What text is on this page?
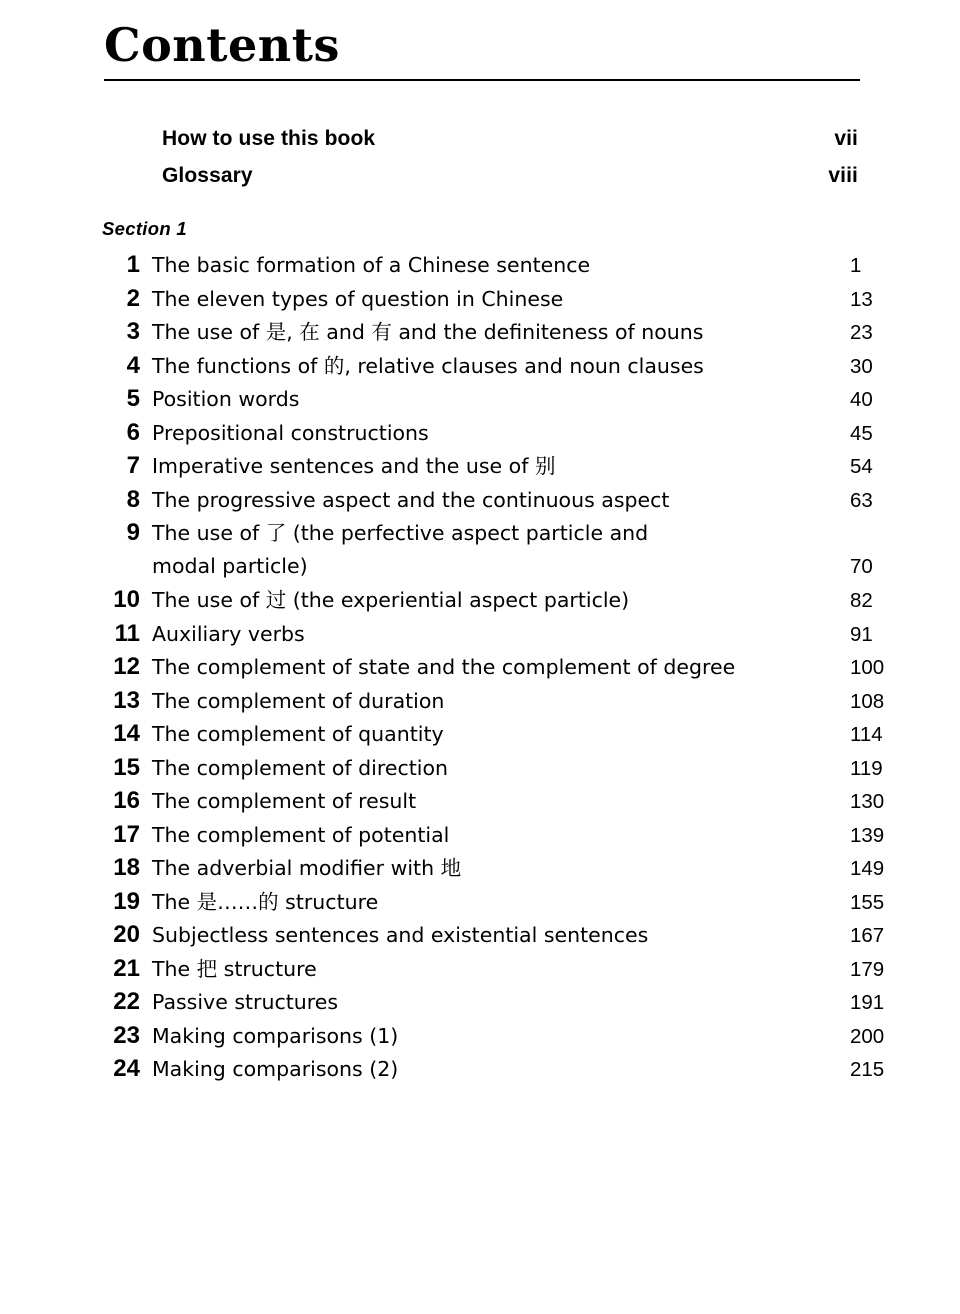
Contents
How to use this book	vii
Glossary	viii
Section 1
1 The basic formation of a Chinese sentence	1
2 The eleven types of question in Chinese	13
3 The use of 是, 在 and 有 and the definiteness of nouns	23
4 The functions of 的, relative clauses and noun clauses	30
5 Position words	40
6 Prepositional constructions	45
7 Imperative sentences and the use of 别	54
8 The progressive aspect and the continuous aspect	63
9 The use of 了 (the perfective aspect particle and
modal particle)	70
10 The use of 过 (the experiential aspect particle)	82
11 Auxiliary verbs	91
12 The complement of state and the complement of degree	100
13 The complement of duration	108
14 The complement of quantity	114
15 The complement of direction	119
16 The complement of result	130
17 The complement of potential	139
18 The adverbial modifier with 地	149
19 The 是……的 structure	155
20 Subjectless sentences and existential sentences	167
21 The 把 structure	179
22 Passive structures	191
23 Making comparisons (1)	200
24 Making comparisons (2)	215
